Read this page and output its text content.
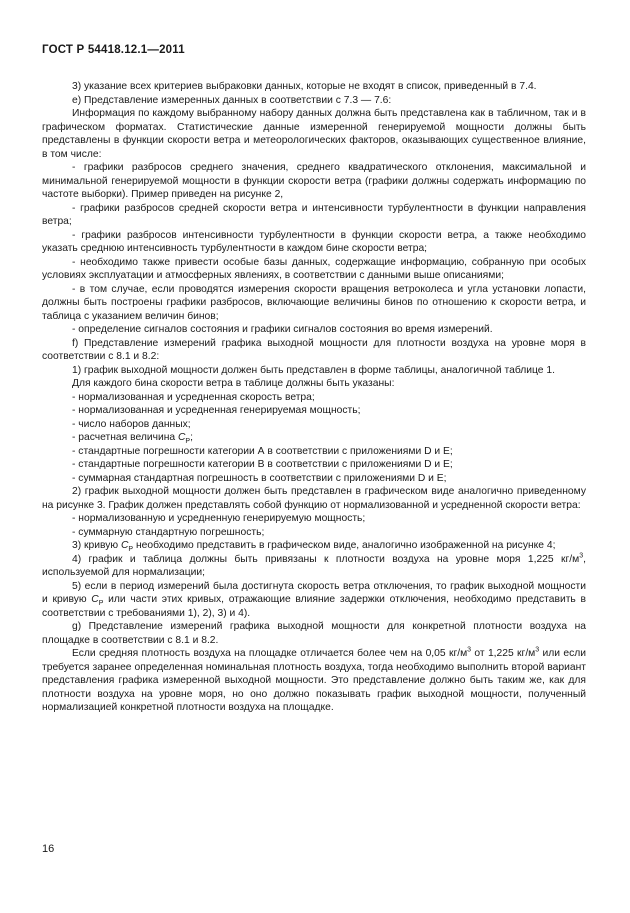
ГОСТ Р 54418.12.1—2011

3) указание всех критериев выбраковки данных, которые не входят в список, приведенный в 7.4.

е) Представление измеренных данных в соответствии с 7.3 — 7.6:

Информация по каждому выбранному набору данных должна быть представлена как в табличном, так и в графическом форматах. Статистические данные измеренной генерируемой мощности должны быть представлены в функции скорости ветра и метеорологических факторов, оказывающих существенное влияние, в том числе:

- графики разбросов среднего значения, среднего квадратического отклонения, максимальной и минимальной генерируемой мощности в функции скорости ветра (графики должны содержать информацию по частоте выборки). Пример приведен на рисунке 2,

- графики разбросов средней скорости ветра и интенсивности турбулентности в функции направления ветра;

- графики разбросов интенсивности турбулентности в функции скорости ветра, а также необходимо указать среднюю интенсивность турбулентности в каждом бине скорости ветра;

- необходимо также привести особые базы данных, содержащие информацию, собранную при особых условиях эксплуатации и атмосферных явлениях, в соответствии с данными выше описаниями;

- в том случае, если проводятся измерения скорости вращения ветроколеса и угла установки лопасти, должны быть построены графики разбросов, включающие величины бинов по отношению к скорости ветра, и таблица с указанием величин бинов;

- определение сигналов состояния и графики сигналов состояния во время измерений.

f) Представление измерений графика выходной мощности для плотности воздуха на уровне моря в соответствии с 8.1 и 8.2:

1) график выходной мощности должен быть представлен в форме таблицы, аналогичной таблице 1.

Для каждого бина скорости ветра в таблице должны быть указаны:

- нормализованная и усредненная скорость ветра;

- нормализованная и усредненная генерируемая мощность;

- число наборов данных;

- расчетная величина $C_P$;

- стандартные погрешности категории А в соответствии с приложениями D и E;

- стандартные погрешности категории В в соответствии с приложениями D и E;

- суммарная стандартная погрешность в соответствии с приложениями D и E;

2) график выходной мощности должен быть представлен в графическом виде аналогично приведенному на рисунке 3. График должен представлять собой функцию от нормализованной и усредненной скорости ветра:

- нормализованную и усредненную генерируемую мощность;

- суммарную стандартную погрешность;

3) кривую $C_P$ необходимо представить в графическом виде, аналогично изображенной на рисунке 4;

4) график и таблица должны быть привязаны к плотности воздуха на уровне моря 1,225 $кг/м^3$, используемой для нормализации;

5) если в период измерений была достигнута скорость ветра отключения, то график выходной мощности и кривую $C_P$ или части этих кривых, отражающие влияние задержки отключения, необходимо представить в соответствии с требованиями 1), 2), 3) и 4).

g) Представление измерений графика выходной мощности для конкретной плотности воздуха на площадке в соответствии с 8.1 и 8.2.

Если средняя плотность воздуха на площадке отличается более чем на 0,05 $кг/м^3$ от 1,225 $кг/м^3$ или если требуется заранее определенная номинальная плотность воздуха, тогда необходимо выполнить второй вариант представления графика измеренной выходной мощности. Это представление должно быть таким же, как для плотности воздуха на уровне моря, но оно должно показывать график выходной мощности, полученный нормализацией конкретной плотности воздуха на площадке.

16
